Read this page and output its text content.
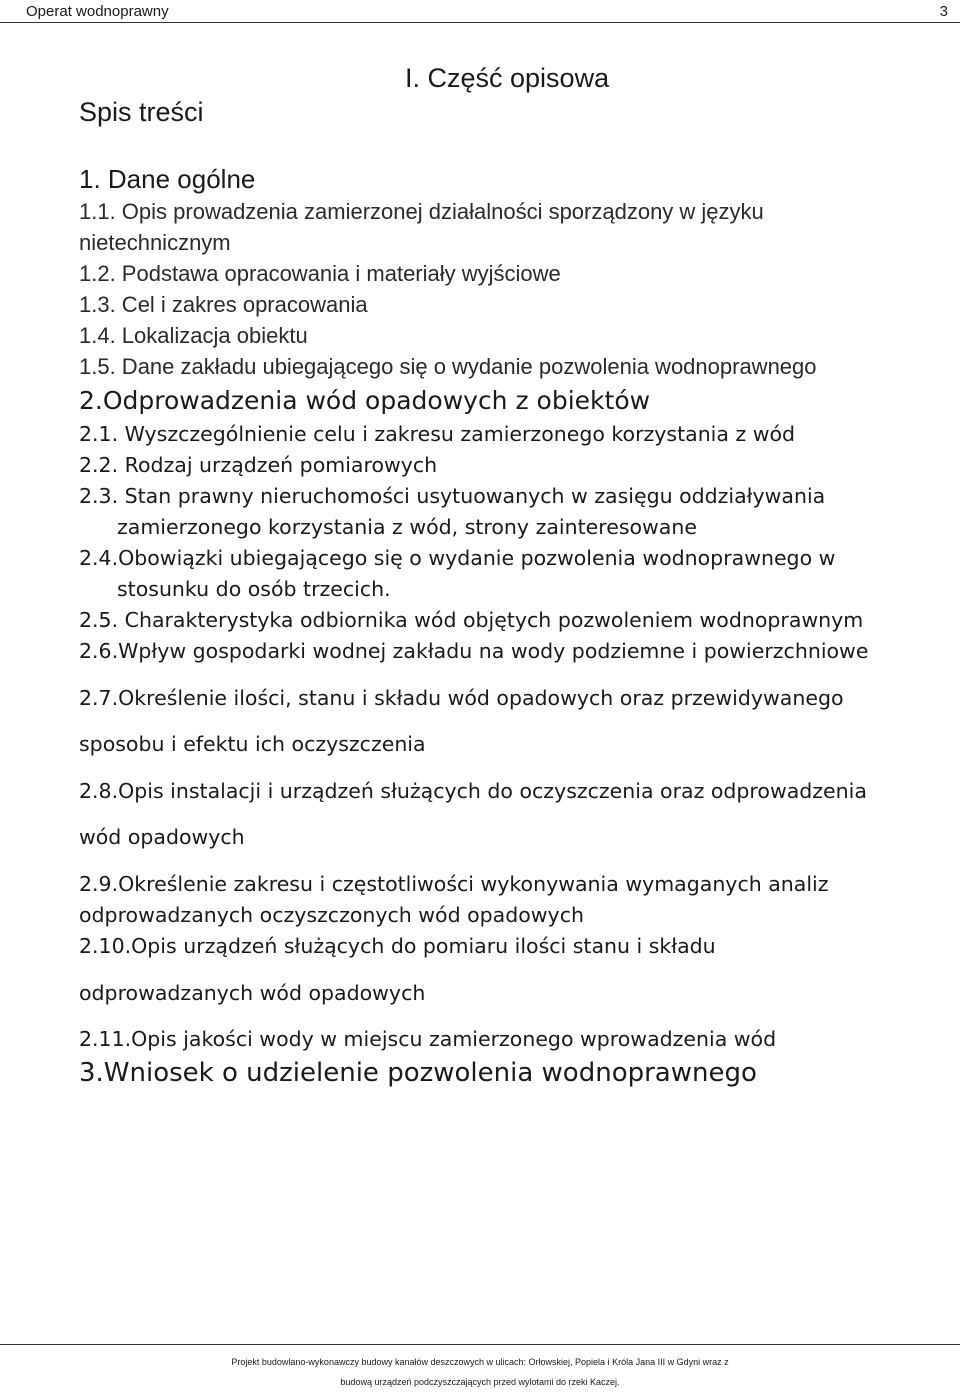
Operat wodnoprawny	3
I. Część opisowa
Spis treści
1. Dane ogólne
1.1. Opis prowadzenia zamierzonej działalności sporządzony w języku
nietechnicznym
1.2. Podstawa opracowania i materiały wyjściowe
1.3. Cel i zakres opracowania
1.4. Lokalizacja obiektu
1.5. Dane zakładu ubiegającego się o wydanie pozwolenia wodnoprawnego
2.Odprowadzenia wód opadowych z obiektów
2.1. Wyszczególnienie celu i zakresu zamierzonego korzystania z wód
2.2. Rodzaj urządzeń pomiarowych
2.3. Stan prawny nieruchomości usytuowanych w zasięgu oddziaływania
zamierzonego korzystania z wód, strony zainteresowane
2.4.Obowiązki ubiegającego się o wydanie pozwolenia wodnoprawnego w
stosunku do osób trzecich.
2.5. Charakterystyka odbiornika wód objętych pozwoleniem wodnoprawnym
2.6.Wpływ gospodarki wodnej zakładu na wody podziemne i powierzchniowe
2.7.Określenie ilości, stanu i składu wód opadowych oraz przewidywanego
sposobu i efektu ich oczyszczenia
2.8.Opis instalacji i urządzeń służących do oczyszczenia oraz odprowadzenia
wód opadowych
2.9.Określenie zakresu i częstotliwości wykonywania wymaganych analiz
odprowadzanych oczyszczonych wód opadowych
2.10.Opis urządzeń służących do pomiaru ilości stanu i składu
odprowadzanych wód opadowych
2.11.Opis jakości wody w miejscu zamierzonego wprowadzenia wód
3.Wniosek o udzielenie pozwolenia wodnoprawnego
Projekt budowlano-wykonawczy budowy kanałów deszczowych w ulicach: Orłowskiej, Popiela i Króla Jana III w Gdyni wraz z
budową urządzeń podczyszczających przed wylotami do rzeki Kaczej.
